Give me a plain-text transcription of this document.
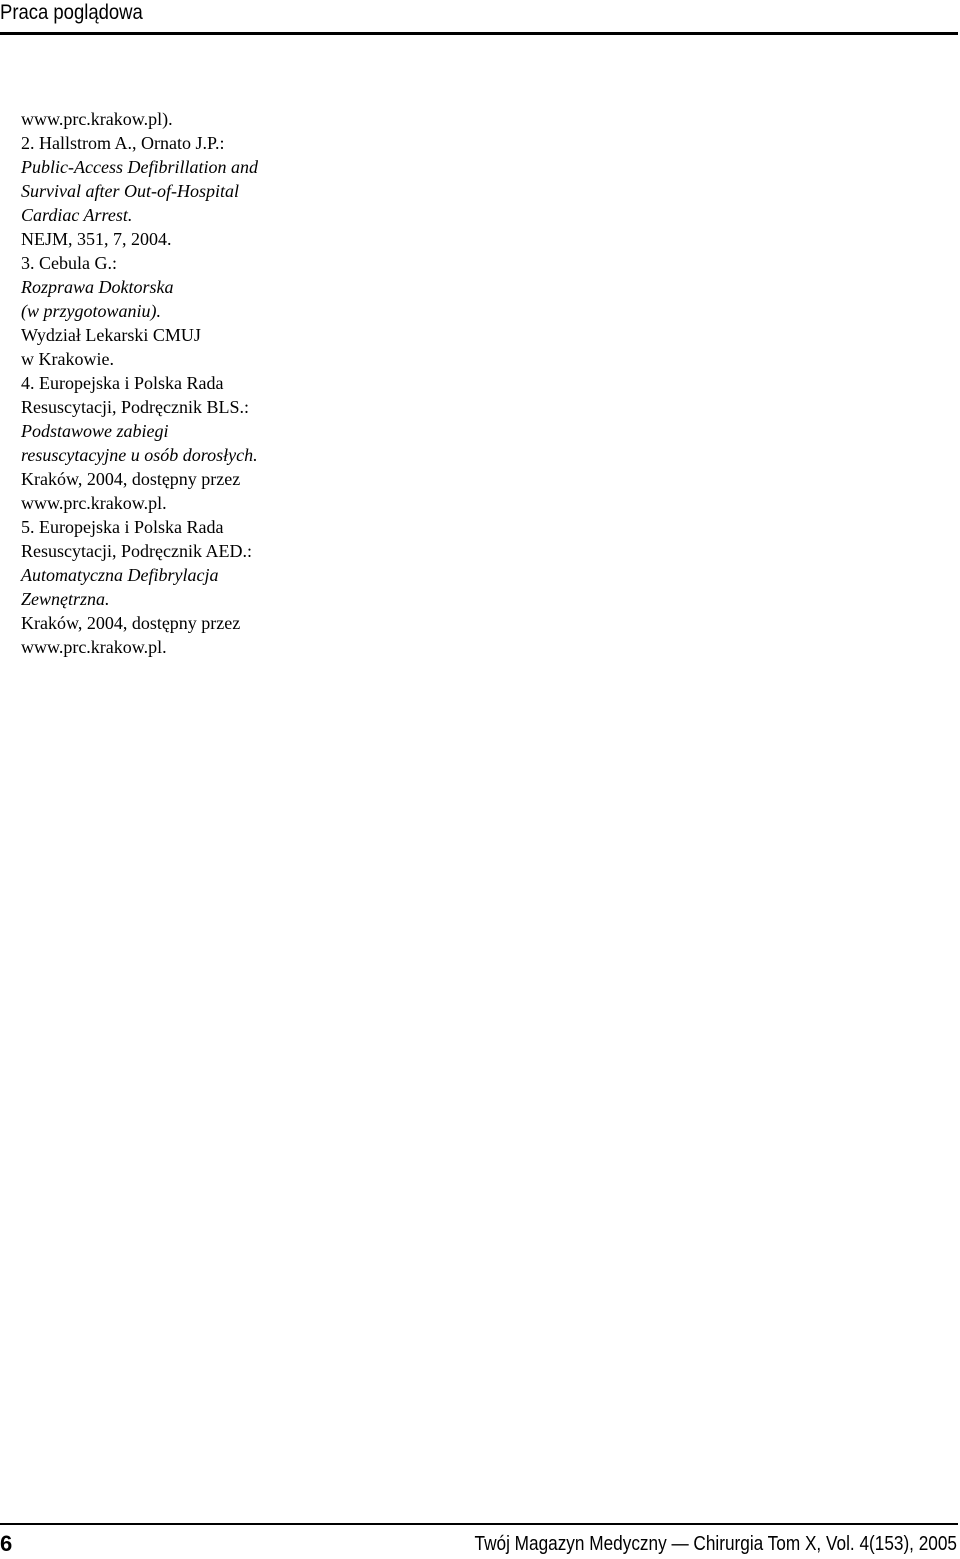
Praca poglądowa
www.prc.krakow.pl).
2. Hallstrom A., Ornato J.P.:
Public-Access Defibrillation and
Survival after Out-of-Hospital
Cardiac Arrest.
NEJM, 351, 7, 2004.
3. Cebula G.:
Rozprawa Doktorska
(w przygotowaniu).
Wydział Lekarski CMUJ
w Krakowie.
4. Europejska i Polska Rada
Resuscytacji, Podręcznik BLS.:
Podstawowe zabiegi
resuscytacyjne u osób dorosłych.
Kraków, 2004, dostępny przez
www.prc.krakow.pl.
5. Europejska i Polska Rada
Resuscytacji, Podręcznik AED.:
Automatyczna Defibrylacja
Zewnętrzna.
Kraków, 2004, dostępny przez
www.prc.krakow.pl.
6	Twój Magazyn Medyczny — Chirurgia Tom X, Vol. 4(153), 2005
